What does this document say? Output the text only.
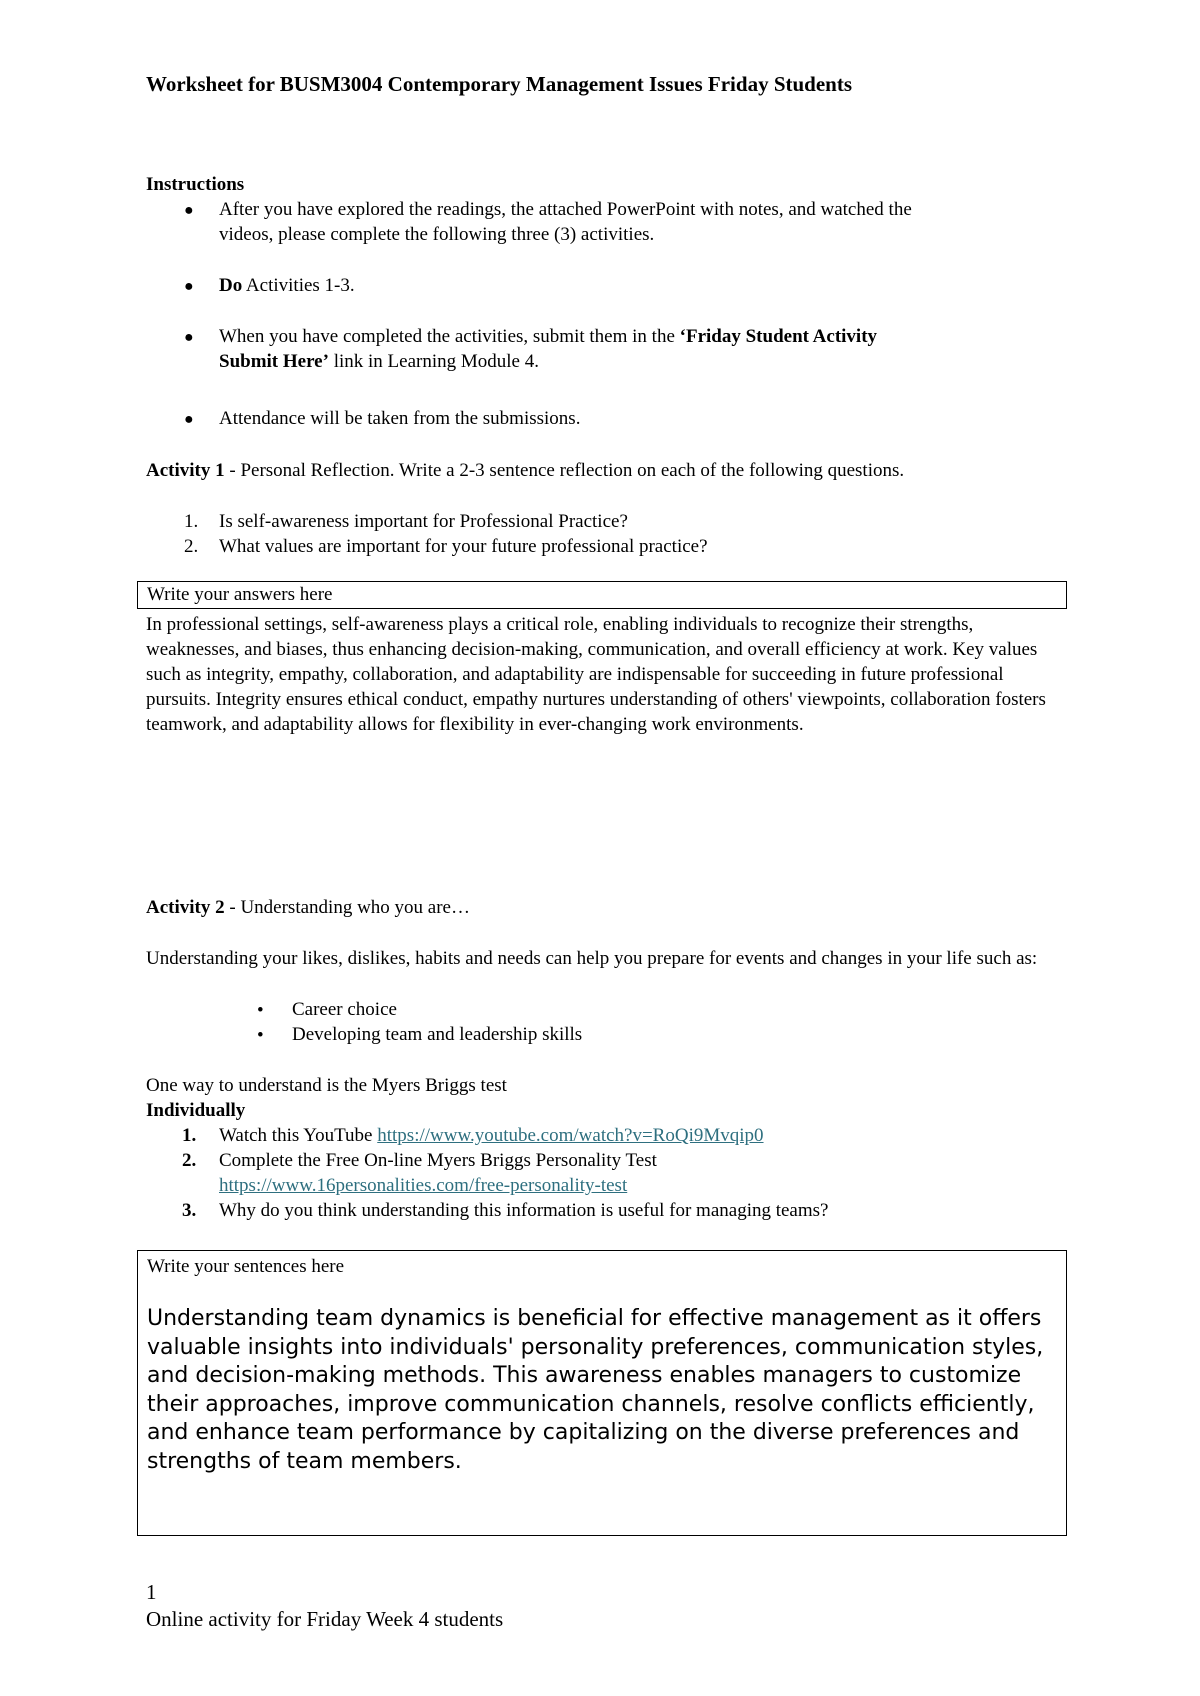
Worksheet for BUSM3004 Contemporary Management Issues Friday Students
Instructions
● After you have explored the readings, the attached PowerPoint with notes, and watched the
videos, please complete the following three (3) activities.
● Do Activities 1-3.
● When you have completed the activities, submit them in the ‘Friday Student Activity
Submit Here’ link in Learning Module 4.
● Attendance will be taken from the submissions.
Activity 1 - Personal Reflection. Write a 2-3 sentence reflection on each of the following questions.
1. Is self-awareness important for Professional Practice?
2. What values are important for your future professional practice?
Write your answers here
In professional settings, self-awareness plays a critical role, enabling individuals to recognize their strengths, weaknesses, and biases, thus enhancing decision-making, communication, and overall efficiency at work. Key values such as integrity, empathy, collaboration, and adaptability are indispensable for succeeding in future professional pursuits. Integrity ensures ethical conduct, empathy nurtures understanding of others' viewpoints, collaboration fosters teamwork, and adaptability allows for flexibility in ever-changing work environments.
Activity 2 - Understanding who you are…
Understanding your likes, dislikes, habits and needs can help you prepare for events and changes in your life such as:
• Career choice
• Developing team and leadership skills
One way to understand is the Myers Briggs test
Individually
1. Watch this YouTube https://www.youtube.com/watch?v=RoQi9Mvqip0
2. Complete the Free On-line Myers Briggs Personality Test
https://www.16personalities.com/free-personality-test
3. Why do you think understanding this information is useful for managing teams?
Write your sentences here
Understanding team dynamics is beneficial for effective management as it offers valuable insights into individuals' personality preferences, communication styles, and decision-making methods. This awareness enables managers to customize their approaches, improve communication channels, resolve conflicts efficiently, and enhance team performance by capitalizing on the diverse preferences and strengths of team members.
1
Online activity for Friday Week 4 students
